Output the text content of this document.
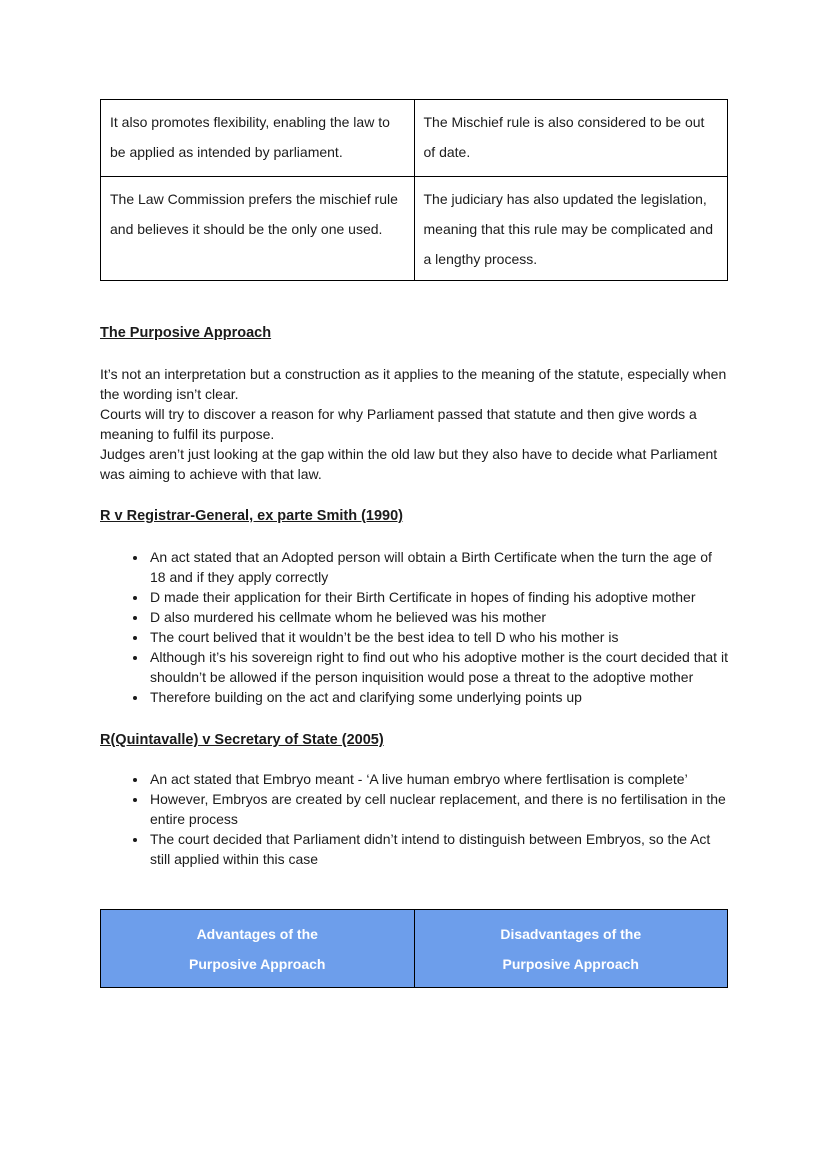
It also promotes flexibility, enabling the law to be applied as intended by parliament.	The Mischief rule is also considered to be out of date.
The Law Commission prefers the mischief rule and believes it should be the only one used.	The judiciary has also updated the legislation, meaning that this rule may be complicated and a lengthy process.
The Purposive Approach

It’s not an interpretation but a construction as it applies to the meaning of the statute, especially when the wording isn’t clear.

Courts will try to discover a reason for why Parliament passed that statute and then give words a meaning to fulfil its purpose.

Judges aren’t just looking at the gap within the old law but they also have to decide what Parliament was aiming to achieve with that law.

R v Registrar-General, ex parte Smith (1990)
• An act stated that an Adopted person will obtain a Birth Certificate when the turn the age of 18 and if they apply correctly
• D made their application for their Birth Certificate in hopes of finding his adoptive mother
• D also murdered his cellmate whom he believed was his mother
• The court belived that it wouldn’t be the best idea to tell D who his mother is
• Although it’s his sovereign right to find out who his adoptive mother is the court decided that it shouldn’t be allowed if the person inquisition would pose a threat to the adoptive mother
• Therefore building on the act and clarifying some underlying points up
R(Quintavalle) v Secretary of State (2005)
• An act stated that Embryo meant - ‘A live human embryo where fertlisation is complete’
• However, Embryos are created by cell nuclear replacement, and there is no fertilisation in the entire process
• The court decided that Parliament didn’t intend to distinguish between Embryos, so the Act still applied within this case
Advantages of the Purposive Approach	Disadvantages of the Purposive Approach
